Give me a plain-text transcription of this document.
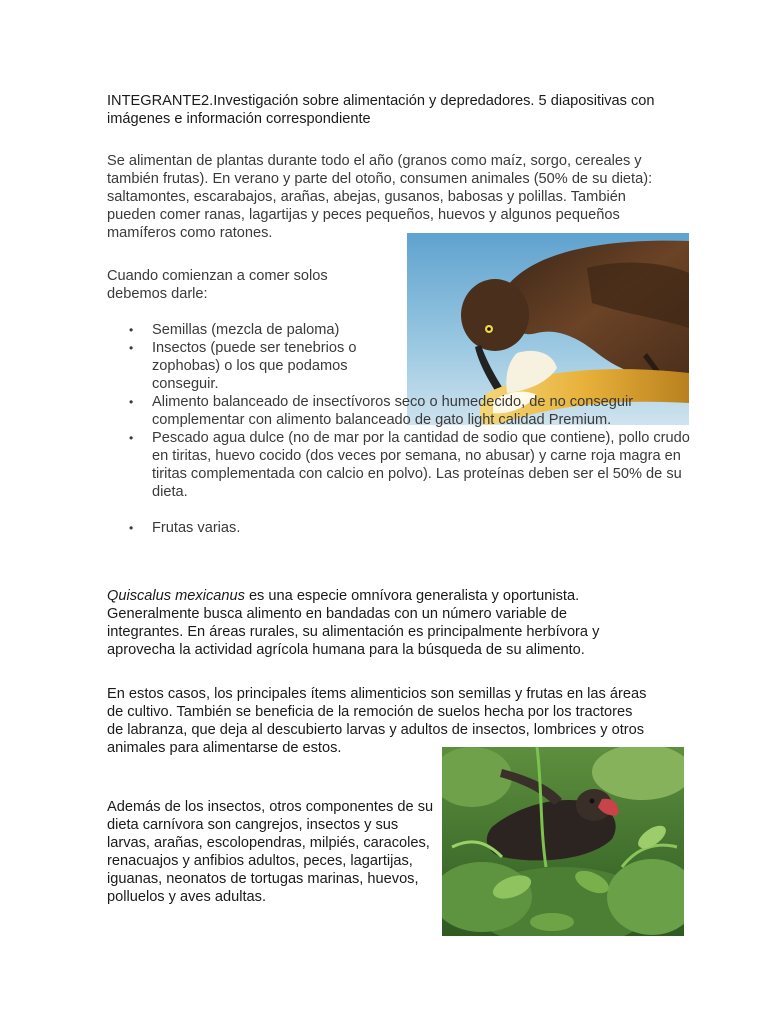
INTEGRANTE2.Investigación sobre alimentación y depredadores. 5 diapositivas con imágenes e información correspondiente

Se alimentan de plantas durante todo el año (granos como maíz, sorgo, cereales y también frutas). En verano y parte del otoño, consumen animales (50% de su dieta): saltamontes, escarabajos, arañas, abejas, gusanos, babosas y polillas. También pueden comer ranas, lagartijas y peces pequeños, huevos y algunos pequeños mamíferos como ratones.

Cuando comienzan a comer solos debemos darle:

• Semillas (mezcla de paloma)
• Insectos (puede ser tenebrios o zophobas) o los que podamos conseguir.
• Alimento balanceado de insectívoros seco o humedecido, de no conseguir complementar con alimento balanceado de gato light calidad Premium.
• Pescado agua dulce (no de mar por la cantidad de sodio que contiene), pollo crudo en tiritas, huevo cocido (dos veces por semana, no abusar) y carne roja magra en tiritas complementada con calcio en polvo). Las proteínas deben ser el 50% de su dieta.
• Frutas varias.

Quiscalus mexicanus es una especie omnívora generalista y oportunista. Generalmente busca alimento en bandadas con un número variable de integrantes. En áreas rurales, su alimentación es principalmente herbívora y aprovecha la actividad agrícola humana para la búsqueda de su alimento.

En estos casos, los principales ítems alimenticios son semillas y frutas en las áreas de cultivo. También se beneficia de la remoción de suelos hecha por los tractores de labranza, que deja al descubierto larvas y adultos de insectos, lombrices y otros animales para alimentarse de estos.

Además de los insectos, otros componentes de su dieta carnívora son cangrejos, insectos y sus larvas, arañas, escolopendras, milpiés, caracoles, renacuajos y anfibios adultos, peces, lagartijas, iguanas, neonatos de tortugas marinas, huevos, polluelos y aves adultas.
